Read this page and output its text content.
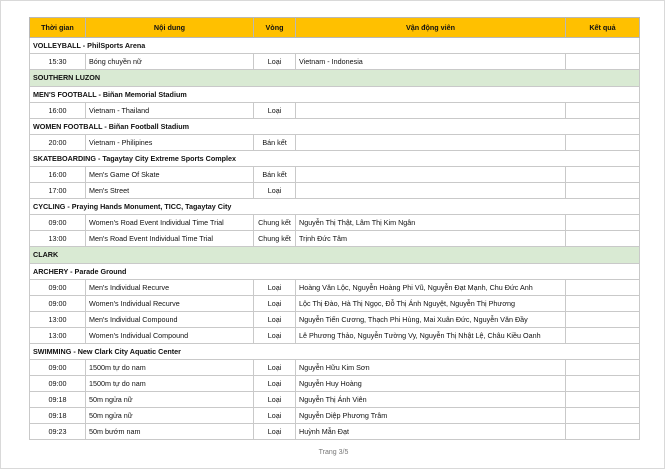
Thời gian	Nội dung	Vòng	Vận động viên	Kết quả
VOLLEYBALL - PhilSports Arena				
15:30	Bóng chuyền nữ	Loại	Vietnam - Indonesia	
SOUTHERN LUZON				
MEN'S FOOTBALL - Biñan Memorial Stadium				
16:00	Vietnam - Thailand	Loại		
WOMEN FOOTBALL - Biñan Football Stadium				
20:00	Vietnam - Philipines	Bán kết		
SKATEBOARDING - Tagaytay City Extreme Sports Complex				
16:00	Men's Game Of Skate	Bán kết		
17:00	Men's Street	Loại		
CYCLING - Praying Hands Monument, TICC, Tagaytay City				
09:00	Women's Road Event Individual Time Trial	Chung kết	Nguyễn Thị Thật, Lâm Thị Kim Ngân	
13:00	Men's Road Event Individual Time Trial	Chung kết	Trịnh Đức Tâm	
CLARK				
ARCHERY - Parade Ground				
09:00	Men's Individual Recurve	Loại	Hoàng Văn Lộc, Nguyễn Hoàng Phi Vũ, Nguyễn Đạt Mạnh, Chu Đức Anh	
09:00	Women's Individual Recurve	Loại	Lộc Thị Đào, Hà Thị Ngọc, Đỗ Thị Ánh Nguyệt, Nguyễn Thị Phương	
13:00	Men's Individual Compound	Loại	Nguyễn Tiến Cương, Thạch Phi Hùng, Mai Xuân Đức, Nguyễn Văn Đầy	
13:00	Women's Individual Compound	Loại	Lê Phương Thảo, Nguyễn Tường Vy, Nguyễn Thị Nhật Lệ, Châu Kiều Oanh	
SWIMMING - New Clark City Aquatic Center				
09:00	1500m tự do nam	Loại	Nguyễn Hữu Kim Sơn	
09:00	1500m tự do nam	Loại	Nguyễn Huy Hoàng	
09:18	50m ngửa nữ	Loại	Nguyễn Thị Ánh Viên	
09:18	50m ngửa nữ	Loại	Nguyễn Diệp Phương Trâm	
09:23	50m bướm nam	Loại	Huỳnh Mẫn Đạt	
Trang 3/5
